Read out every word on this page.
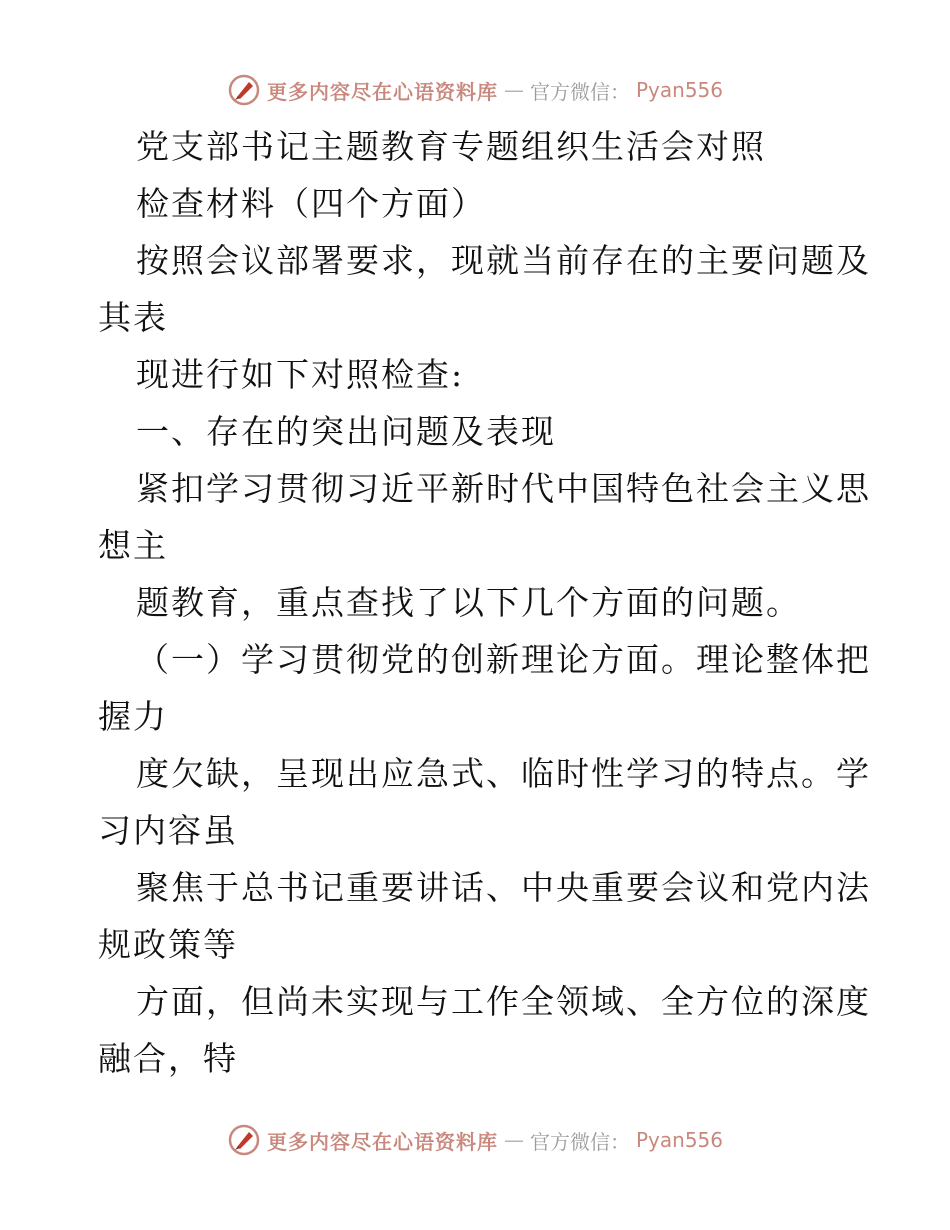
更多内容尽在心语资料库 — 官方微信： Pyan556
党支部书记主题教育专题组织生活会对照
检查材料（四个方面）
按照会议部署要求，现就当前存在的主要问题及
其表
现进行如下对照检查:
一、存在的突出问题及表现
紧扣学习贯彻习近平新时代中国特色社会主义思
想主
题教育，重点查找了以下几个方面的问题。
（一）学习贯彻党的创新理论方面。理论整体把
握力
度欠缺，呈现出应急式、临时性学习的特点。学
习内容虽
聚焦于总书记重要讲话、中央重要会议和党内法
规政策等
方面，但尚未实现与工作全领域、全方位的深度
融合，特
更多内容尽在心语资料库 — 官方微信： Pyan556
